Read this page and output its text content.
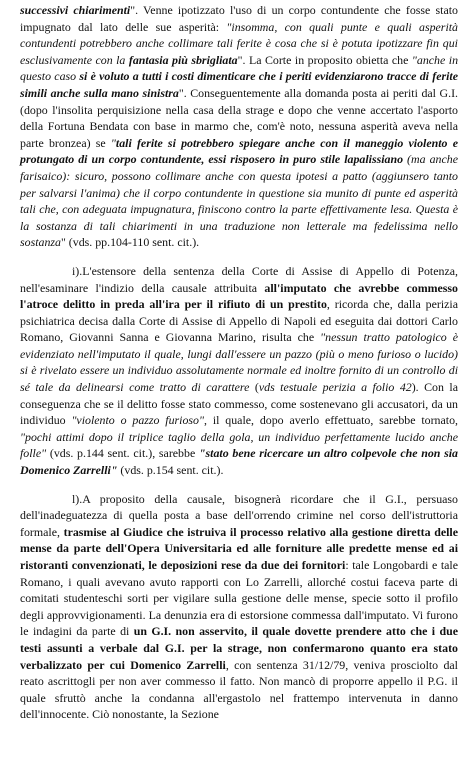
successivi chiarimenti". Venne ipotizzato l'uso di un corpo contundente che fosse stato impugnato dal lato delle sue asperità: "insomma, con quali punte e quali asperità contundenti potrebbero anche collimare tali ferite è cosa che si è potuta ipotizzare fin qui esclusivamente con la fantasia più sbrigliata". La Corte in proposito obietta che "anche in questo caso si è voluto a tutti i costi dimenticare che i periti evidenziarono tracce di ferite simili anche sulla mano sinistra". Conseguentemente alla domanda posta ai periti dal G.I. (dopo l'insolita perquisizione nella casa della strage e dopo che venne accertato l'asporto della Fortuna Bendata con base in marmo che, com'è noto, nessuna asperità aveva nella parte bronzea) se "tali ferite si potrebbero spiegare anche con il maneggio violento e protungato di un corpo contundente, essi risposero in puro stile lapalissiano (ma anche farisaico): sicuro, possono collimare anche con questa ipotesi a patto (aggiunsero tanto per salvarsi l'anima) che il corpo contundente in questione sia munito di punte ed asperità tali che, con adeguata impugnatura, finiscono contro la parte effettivamente lesa. Questa è la sostanza di tali chiarimenti in una traduzione non letterale ma fedelissima nello sostanza" (vds. pp.104-110 sent. cit.).

i).L'estensore della sentenza della Corte di Assise di Appello di Potenza, nell'esaminare l'indizio della causale attribuita all'imputato che avrebbe commesso l'atroce delitto in preda all'ira per il rifiuto di un prestito, ricorda che, dalla perizia psichiatrica decisa dalla Corte di Assise di Appello di Napoli ed eseguita dai dottori Carlo Romano, Giovanni Sanna e Giovanna Marino, risulta che "nessun tratto patologico è evidenziato nell'imputato il quale, lungi dall'essere un pazzo (più o meno furioso o lucido) si è rivelato essere un individuo assolutamente normale ed inoltre fornito di un controllo di sé tale da delinearsi come tratto di carattere (vds testuale perizia a folio 42). Con la conseguenza che se il delitto fosse stato commesso, come sostenevano gli accusatori, da un individuo "violento o pazzo furioso", il quale, dopo averlo effettuato, sarebbe tornato, "pochi attimi dopo il triplice taglio della gola, un individuo perfettamente lucido anche folle" (vds. p.144 sent. cit.), sarebbe "stato bene ricercare un altro colpevole che non sia Domenico Zarrelli" (vds. p.154 sent. cit.).

l).A proposito della causale, bisognerà ricordare che il G.I., persuaso dell'inadeguatezza di quella posta a base dell'orrendo crimine nel corso dell'istruttoria formale, trasmise al Giudice che istruiva il processo relativo alla gestione diretta delle mense da parte dell'Opera Universitaria ed alle forniture alle predette mense ed ai ristoranti convenzionati, le deposizioni rese da due dei fornitori: tale Longobardi e tale Romano, i quali avevano avuto rapporti con Lo Zarrelli, allorché costui faceva parte di comitati studenteschi sorti per vigilare sulla gestione delle mense, specie sotto il profilo degli approvvigionamenti. La denunzia era di estorsione commessa dall'imputato. Vi furono le indagini da parte di un G.I. non asservito, il quale dovette prendere atto che i due testi assunti a verbale dal G.I. per la strage, non confermarono quanto era stato verbalizzato per cui Domenico Zarrelli, con sentenza 31/12/79, veniva prosciolto dal reato ascrittogli per non aver commesso il fatto. Non mancò di proporre appello il P.G. il quale sfruttò anche la condanna all'ergastolo nel frattempo intervenuta in danno dell'innocente. Ciò nonostante, la Sezione
